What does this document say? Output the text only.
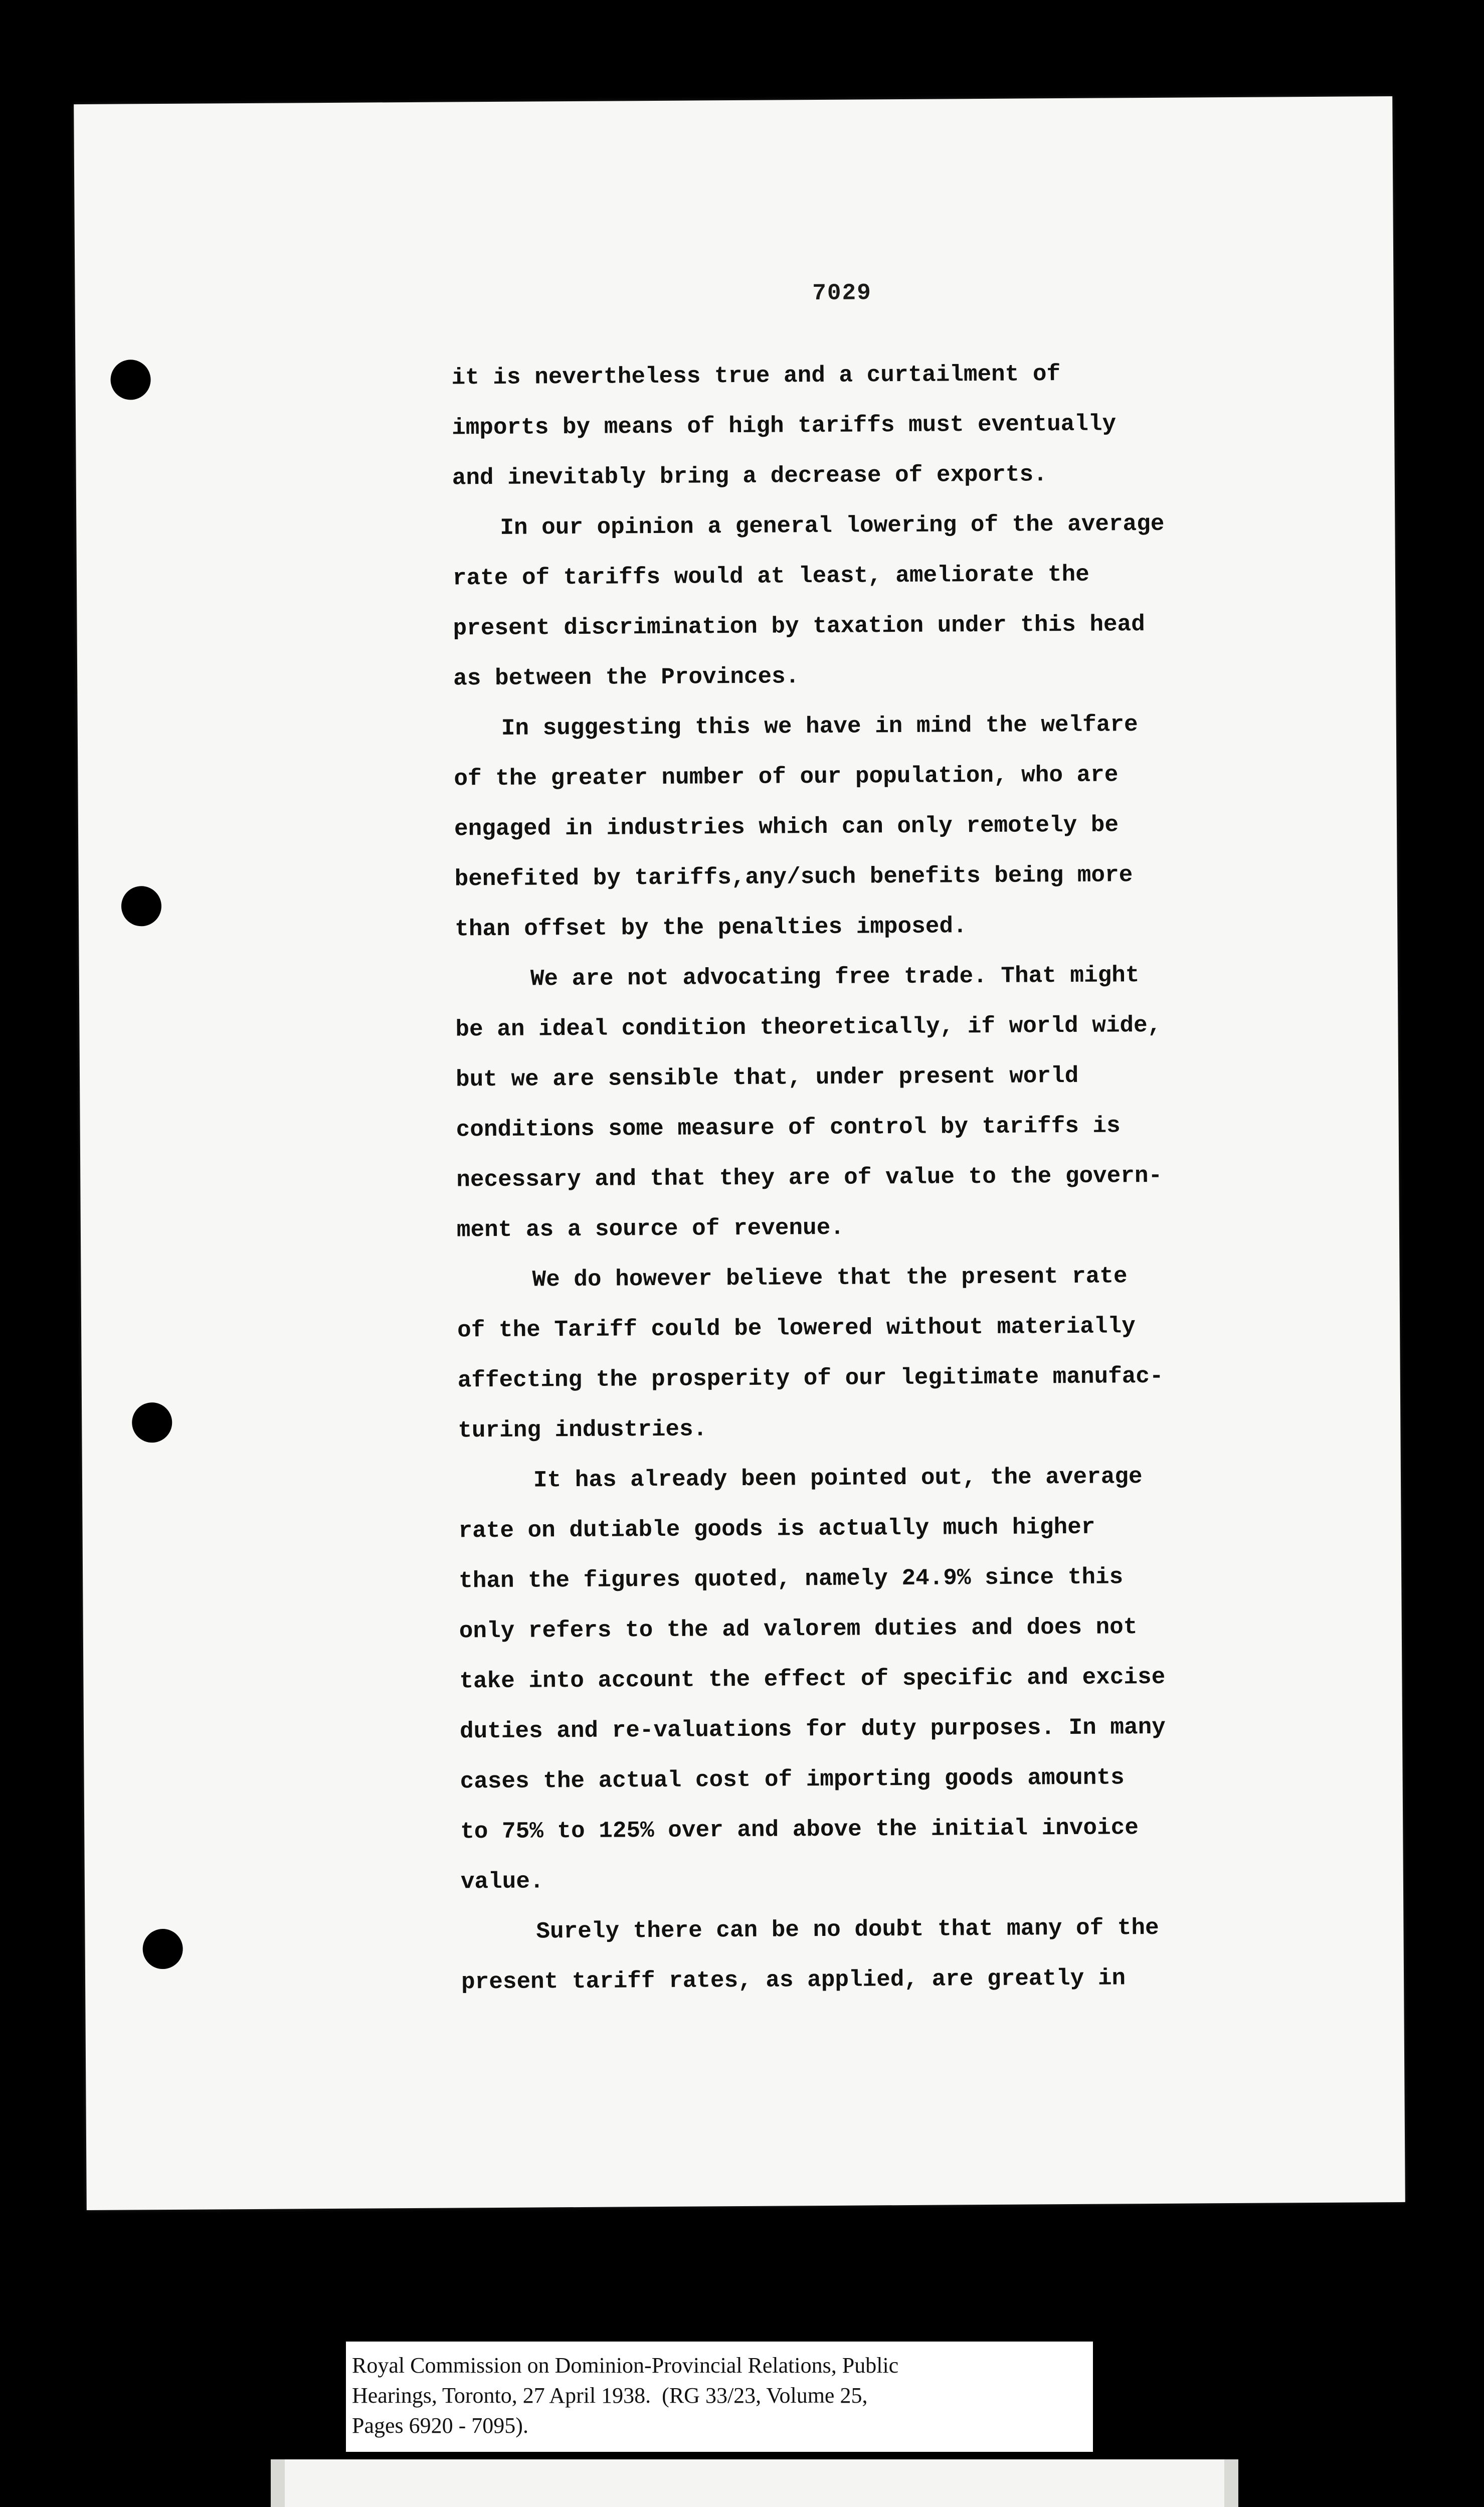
7029
it is nevertheless true and a curtailment of
imports by means of high tariffs must eventually
and inevitably bring a decrease of exports.
In our opinion a general lowering of the average
rate of tariffs would at least, ameliorate the
present discrimination by taxation under this head
as between the Provinces.
In suggesting this we have in mind the welfare
of the greater number of our population, who are
engaged in industries which can only remotely be
benefited by tariffs,any/such benefits being more
than offset by the penalties imposed.
We are not advocating free trade. That might
be an ideal condition theoretically, if world wide,
but we are sensible that, under present world
conditions some measure of control by tariffs is
necessary and that they are of value to the govern-
ment as a source of revenue.
We do however believe that the present rate
of the Tariff could be lowered without materially
affecting the prosperity of our legitimate manufac-
turing industries.
It has already been pointed out, the average
rate on dutiable goods is actually much higher
than the figures quoted, namely 24.9% since this
only refers to the ad valorem duties and does not
take into account the effect of specific and excise
duties and re-valuations for duty purposes. In many
cases the actual cost of importing goods amounts
to 75% to 125% over and above the initial invoice
value.
Surely there can be no doubt that many of the
present tariff rates, as applied, are greatly in
Royal Commission on Dominion-Provincial Relations, Public
Hearings, Toronto, 27 April 1938.  (RG 33/23, Volume 25,
Pages 6920 - 7095).
